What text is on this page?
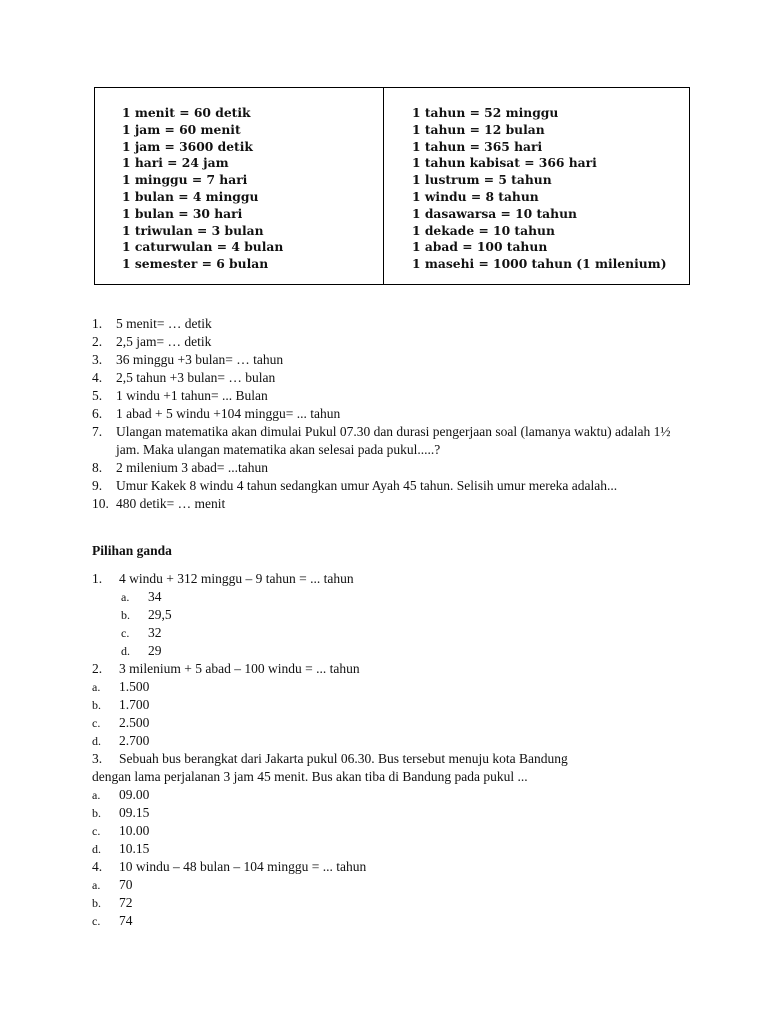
1 menit = 60 detik
1 jam = 60 menit
1 jam = 3600 detik
1 hari = 24 jam
1 minggu = 7 hari
1 bulan = 4 minggu
1 bulan = 30 hari
1 triwulan = 3 bulan
1 caturwulan = 4 bulan
1 semester = 6 bulan
1 tahun = 52 minggu
1 tahun = 12 bulan
1 tahun = 365 hari
1 tahun kabisat = 366 hari
1 lustrum = 5 tahun
1 windu = 8 tahun
1 dasawarsa = 10 tahun
1 dekade = 10 tahun
1 abad = 100 tahun
1 masehi = 1000 tahun (1 milenium)
1.	5 menit= … detik
2.	2,5 jam= … detik
3.	36 minggu +3 bulan= … tahun
4.	2,5 tahun +3 bulan= … bulan
5.	1 windu +1 tahun= ... Bulan
6.	1 abad + 5 windu +104 minggu= ... tahun
7.	Ulangan matematika akan dimulai Pukul 07.30 dan durasi pengerjaan soal (lamanya waktu) adalah 1½ jam. Maka ulangan matematika akan selesai pada pukul.....?
8.	2 milenium 3 abad= ...tahun
9.	Umur Kakek 8 windu 4 tahun sedangkan umur Ayah 45 tahun. Selisih umur mereka adalah...
10. 480 detik= … menit
Pilihan ganda
1.	4 windu + 312 minggu – 9 tahun = ... tahun
a.	34
b.	29,5
c.	32
d.	29
2.	3 milenium + 5 abad – 100 windu = ... tahun
a.	1.500
b.	1.700
c.	2.500
d.	2.700
3.	Sebuah bus berangkat dari Jakarta pukul 06.30. Bus tersebut menuju kota Bandung
dengan lama perjalanan 3 jam 45 menit. Bus akan tiba di Bandung pada pukul ...
a.	09.00
b.	09.15
c.	10.00
d.	10.15
4.	10 windu – 48 bulan – 104 minggu = ... tahun
a.	70
b.	72
c.	74
